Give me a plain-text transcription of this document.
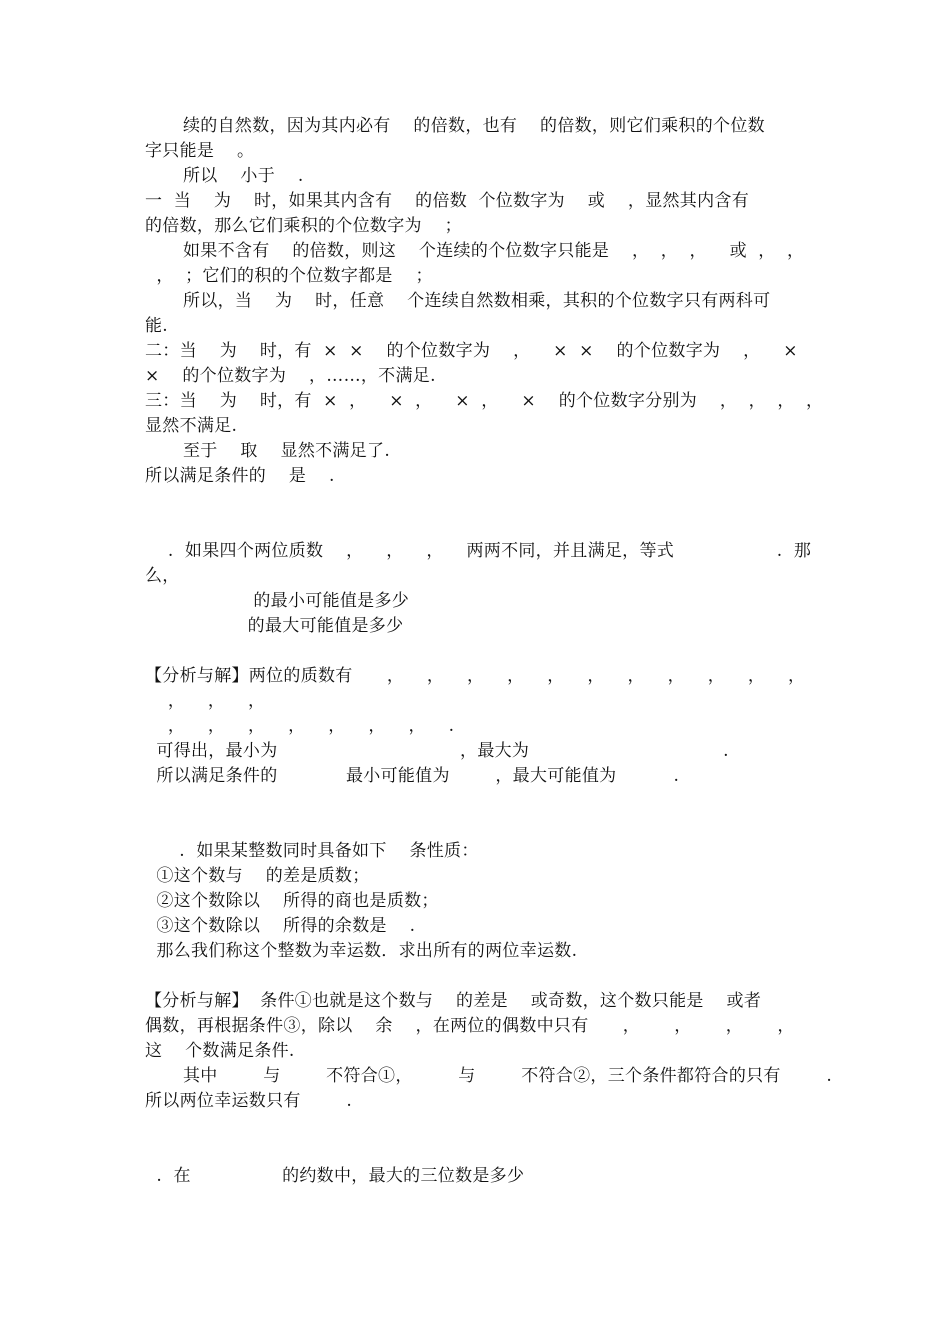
续的自然数，因为其内必有    的倍数，也有    的倍数，则它们乘积的个位数
字只能是    。
所以    小于    .
一  当    为    时，如果其内含有    的倍数  个位数字为    或    ，显然其内含有
的倍数，那么它们乘积的个位数字为    ；
如果不含有    的倍数，则这    个连续的个位数字只能是    ，  ，  ，    或  ，  ，
，  ；它们的积的个位数字都是    ；
所以，当    为    时，任意    个连续自然数相乘，其积的个位数字只有两科可
能.
二：当    为    时，有  ×  ×    的个位数字为    ，    ×  ×    的个位数字为    ，    ×
×    的个位数字为    ，……，不满足.
三：当    为    时，有  ×  ，    ×  ，    ×  ，    ×    的个位数字分别为    ，  ，  ，  ，
显然不满足.
至于    取    显然不满足了.
所以满足条件的    是    .
.  如果四个两位质数    ，    ，    ，    两两不同，并且满足，等式                  .  那
么，
的最小可能值是多少
的最大可能值是多少
【分析与解】两位的质数有      ，    ，    ，    ，    ，    ，    ，    ，    ，    ，    ，
，    ，    ，
，    ，    ，    ，    ，    ，    ，    .
可得出，最小为                                ，最大为                                  .
所以满足条件的            最小可能值为        ，最大可能值为          .
.  如果某整数同时具备如下    条性质：
①这个数与    的差是质数；
②这个数除以    所得的商也是质数；
③这个数除以    所得的余数是    .
那么我们称这个整数为幸运数．求出所有的两位幸运数.
【分析与解】  条件①也就是这个数与    的差是    或奇数，这个数只能是    或者
偶数，再根据条件③，除以    余    ，在两位的偶数中只有      ，      ，      ，      ，
这    个数满足条件.
其中        与        不符合①，        与        不符合②，三个条件都符合的只有        .
所以两位幸运数只有        .
.  在                的约数中，最大的三位数是多少
